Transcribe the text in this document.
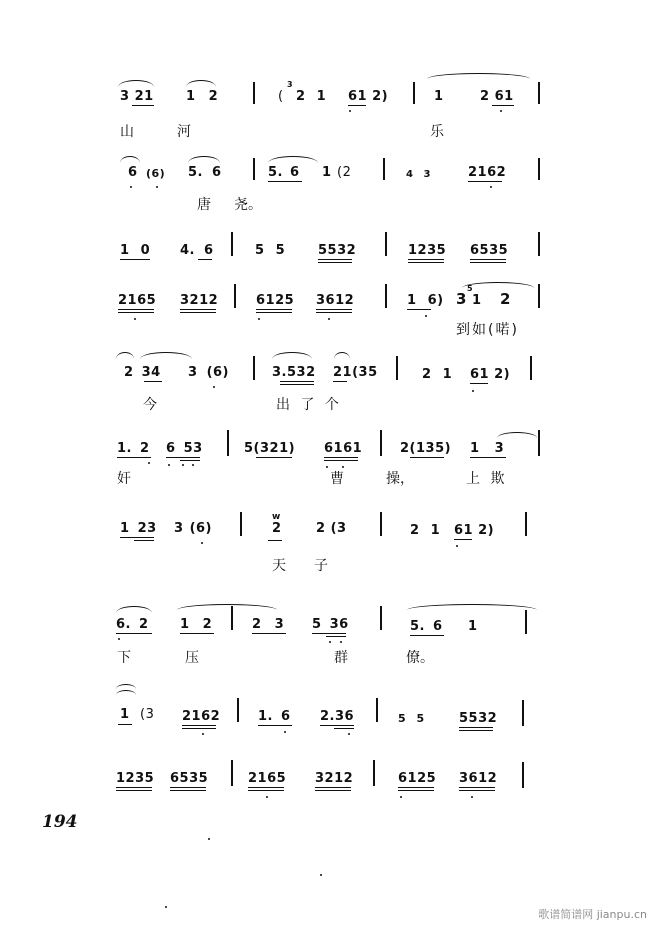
3 21 1 2	(
3
2 1 61 2)	1	2 61
山	河	乐
6 (6) 5. 6	5. 6 1 (2	4 3	2162
唐 尧。
1 0 4. 6	5 5	5532	1235 6535
2165 3212	6125 3612	1 6) 3
5
1 2
到如(喏)
2 34 3 (6)	3.532 21(35	2 1 61 2)
今	出 了 个
1. 2 6 53	5(321) 6161	2(135) 1 3
奸	曹	操，	上 欺
1 23 3 (6)
w
2	2 (3	2 1 61 2)
天 子
6. 2 1 2	2 3 5 36	5. 6 1
下	压	群	僚。
1 (3 2162	1. 6 2.36	5 5	5532
1235 6535	2165 3212	6125 3612
194
歌谱简谱网 jianpu.cn
